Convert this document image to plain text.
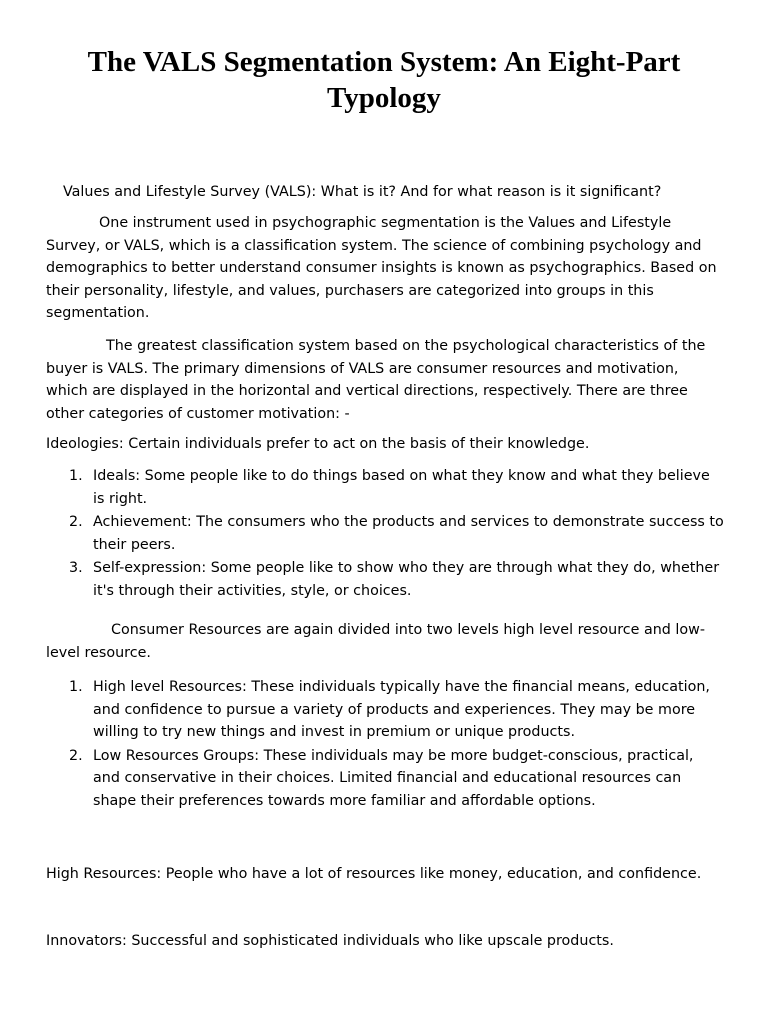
The VALS Segmentation System: An Eight-Part Typology

Values and Lifestyle Survey (VALS): What is it? And for what reason is it significant?

One instrument used in psychographic segmentation is the Values and Lifestyle Survey, or VALS, which is a classification system. The science of combining psychology and demographics to better understand consumer insights is known as psychographics. Based on their personality, lifestyle, and values, purchasers are categorized into groups in this segmentation.

The greatest classification system based on the psychological characteristics of the buyer is VALS. The primary dimensions of VALS are consumer resources and motivation, which are displayed in the horizontal and vertical directions, respectively. There are three other categories of customer motivation: -

Ideologies: Certain individuals prefer to act on the basis of their knowledge.

1. Ideals: Some people like to do things based on what they know and what they believe is right.
2. Achievement: The consumers who the products and services to demonstrate success to their peers.
3. Self-expression: Some people like to show who they are through what they do, whether it's through their activities, style, or choices.

Consumer Resources are again divided into two levels high level resource and low-level resource.

1. High level Resources: These individuals typically have the financial means, education, and confidence to pursue a variety of products and experiences. They may be more willing to try new things and invest in premium or unique products.
2. Low Resources Groups: These individuals may be more budget-conscious, practical, and conservative in their choices. Limited financial and educational resources can shape their preferences towards more familiar and affordable options.

High Resources: People who have a lot of resources like money, education, and confidence.

Innovators: Successful and sophisticated individuals who like upscale products.
